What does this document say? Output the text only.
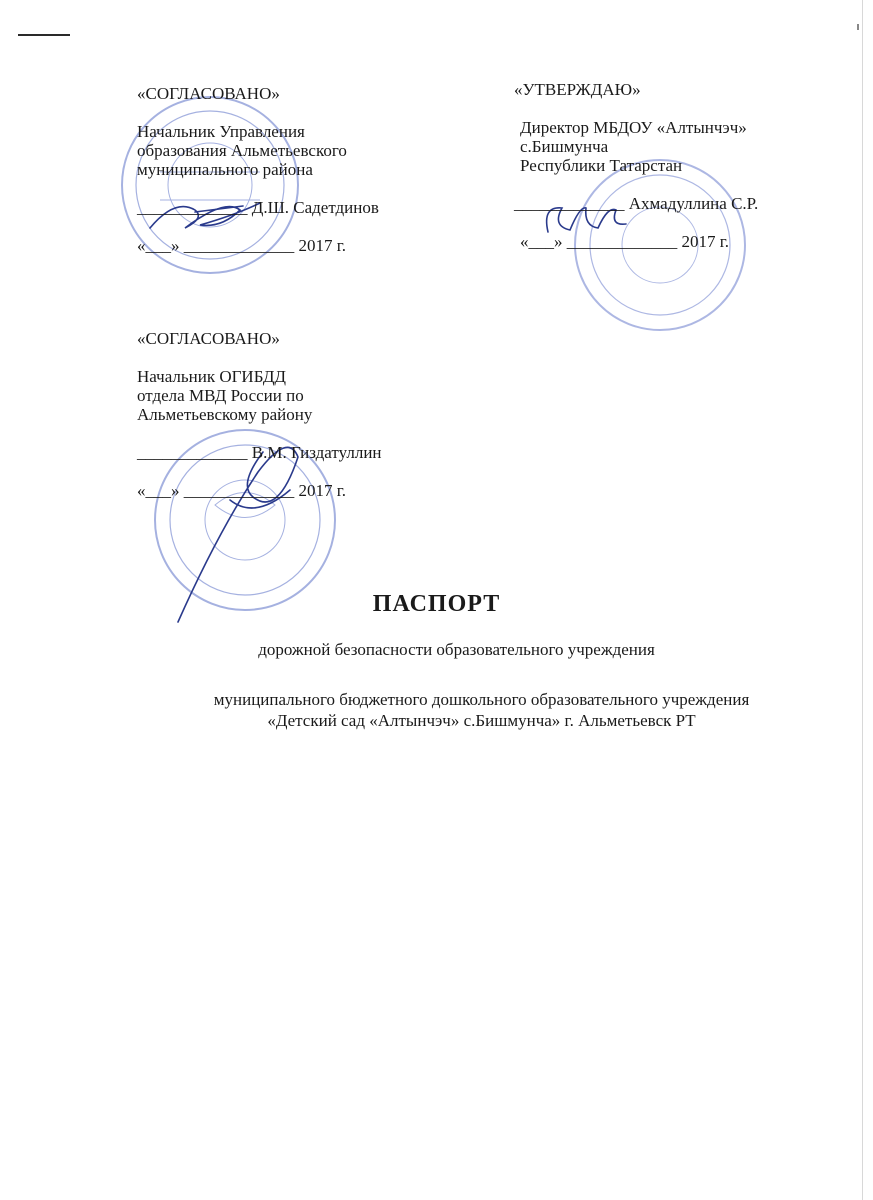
«СОГЛАСОВАНО»
Начальник Управления
образования Альметьевского
муниципального района
_____________ Д.Ш. Садетдинов
«___» _____________ 2017 г.
«УТВЕРЖДАЮ»
Директор МБДОУ «Алтынчэч»
с.Бишмунча
Республики Татарстан
_____________ Ахмадуллина С.Р.
«___» _____________ 2017 г.
«СОГЛАСОВАНО»
Начальник ОГИБДД
отдела МВД России по
Альметьевскому району
_____________ В.М. Гиздатуллин
«___» _____________ 2017 г.
ПАСПОРТ
дорожной безопасности образовательного учреждения
муниципального бюджетного дошкольного образовательного учреждения
«Детский сад «Алтынчэч» с.Бишмунча» г. Альметьевск РТ
